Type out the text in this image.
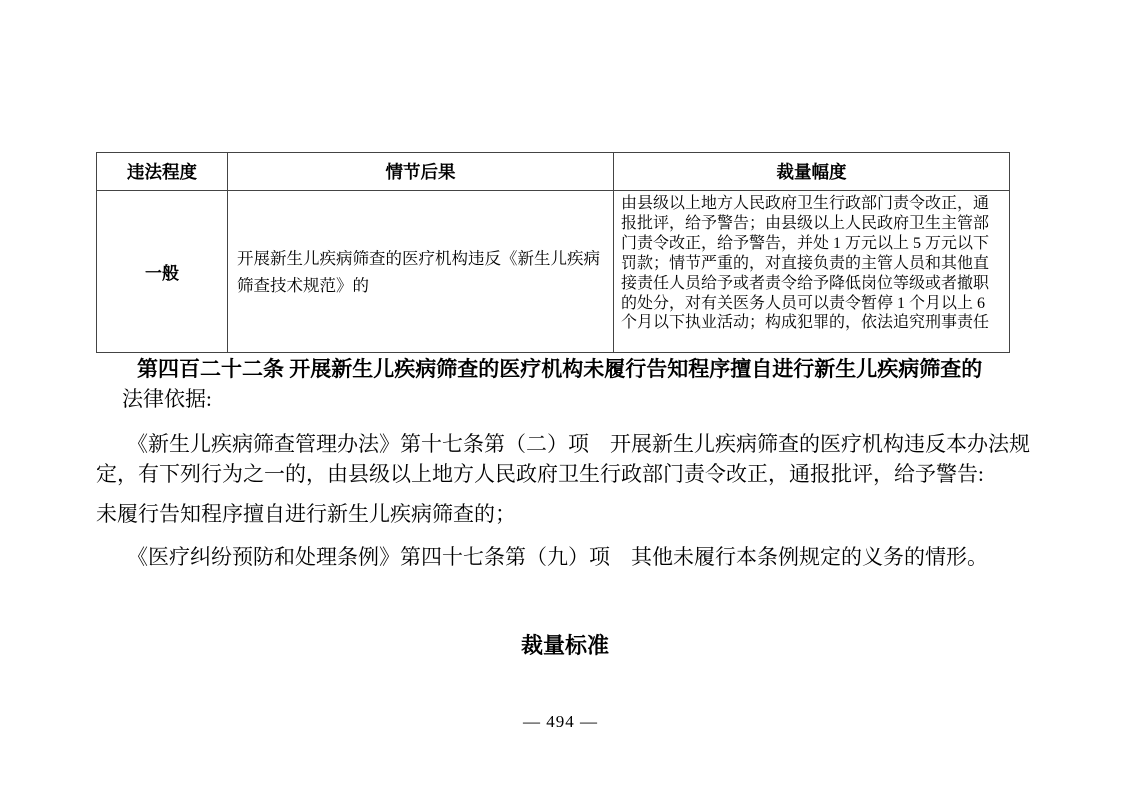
违法程度	情节后果	裁量幅度
一般	开展新生儿疾病筛查的医疗机构违反《新生儿疾病筛查技术规范》的	由县级以上地方人民政府卫生行政部门责令改正，通报批评，给予警告；由县级以上人民政府卫生主管部门责令改正，给予警告，并处 1 万元以上 5 万元以下罚款；情节严重的，对直接负责的主管人员和其他直接责任人员给予或者责令给予降低岗位等级或者撤职的处分，对有关医务人员可以责令暂停 1 个月以上 6 个月以下执业活动；构成犯罪的，依法追究刑事责任
第四百二十二条 开展新生儿疾病筛查的医疗机构未履行告知程序擅自进行新生儿疾病筛查的
法律依据:

《新生儿疾病筛查管理办法》第十七条第（二）项　开展新生儿疾病筛查的医疗机构违反本办法规定，有下列行为之一的，由县级以上地方人民政府卫生行政部门责令改正，通报批评，给予警告:

未履行告知程序擅自进行新生儿疾病筛查的；

《医疗纠纷预防和处理条例》第四十七条第（九）项　其他未履行本条例规定的义务的情形。

裁量标准
— 494 —
